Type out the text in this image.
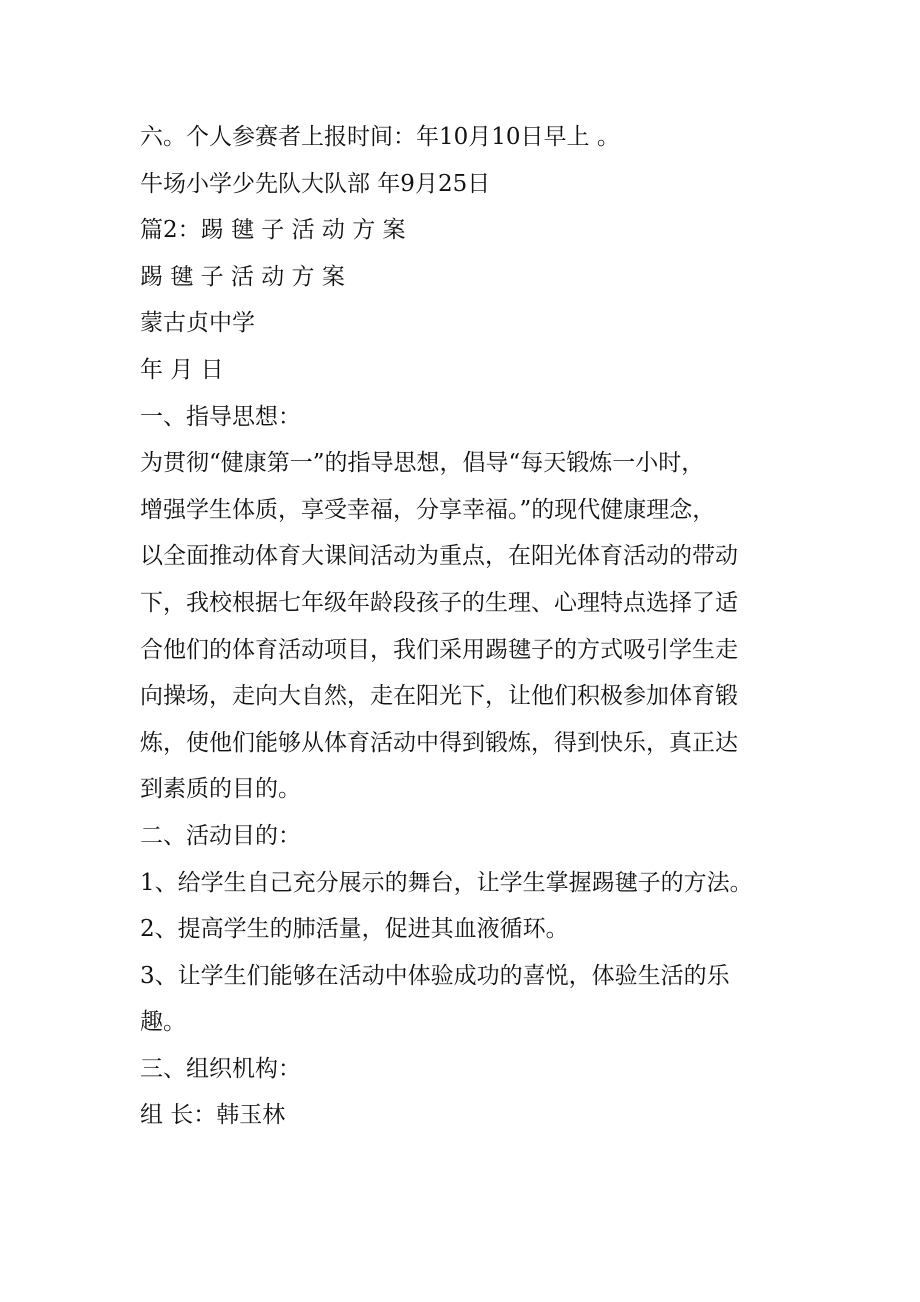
六。个人参赛者上报时间：年10月10日早上 。

牛场小学少先队大队部 年9月25日

篇2：踢 毽 子 活 动 方 案

踢 毽 子 活 动 方 案

蒙古贞中学

年 月 日

一、指导思想：

为贯彻“健康第一”的指导思想，倡导“每天锻炼一小时，

增强学生体质，享受幸福，分享幸福。”的现代健康理念，

以全面推动体育大课间活动为重点，在阳光体育活动的带动

下，我校根据七年级年龄段孩子的生理、心理特点选择了适

合他们的体育活动项目，我们采用踢毽子的方式吸引学生走

向操场，走向大自然，走在阳光下，让他们积极参加体育锻

炼，使他们能够从体育活动中得到锻炼，得到快乐，真正达

到素质的目的。

二、活动目的：

1、给学生自己充分展示的舞台，让学生掌握踢毽子的方法。

2、提高学生的肺活量，促进其血液循环。

3、让学生们能够在活动中体验成功的喜悦，体验生活的乐

趣。

三、组织机构：

组 长：韩玉林
